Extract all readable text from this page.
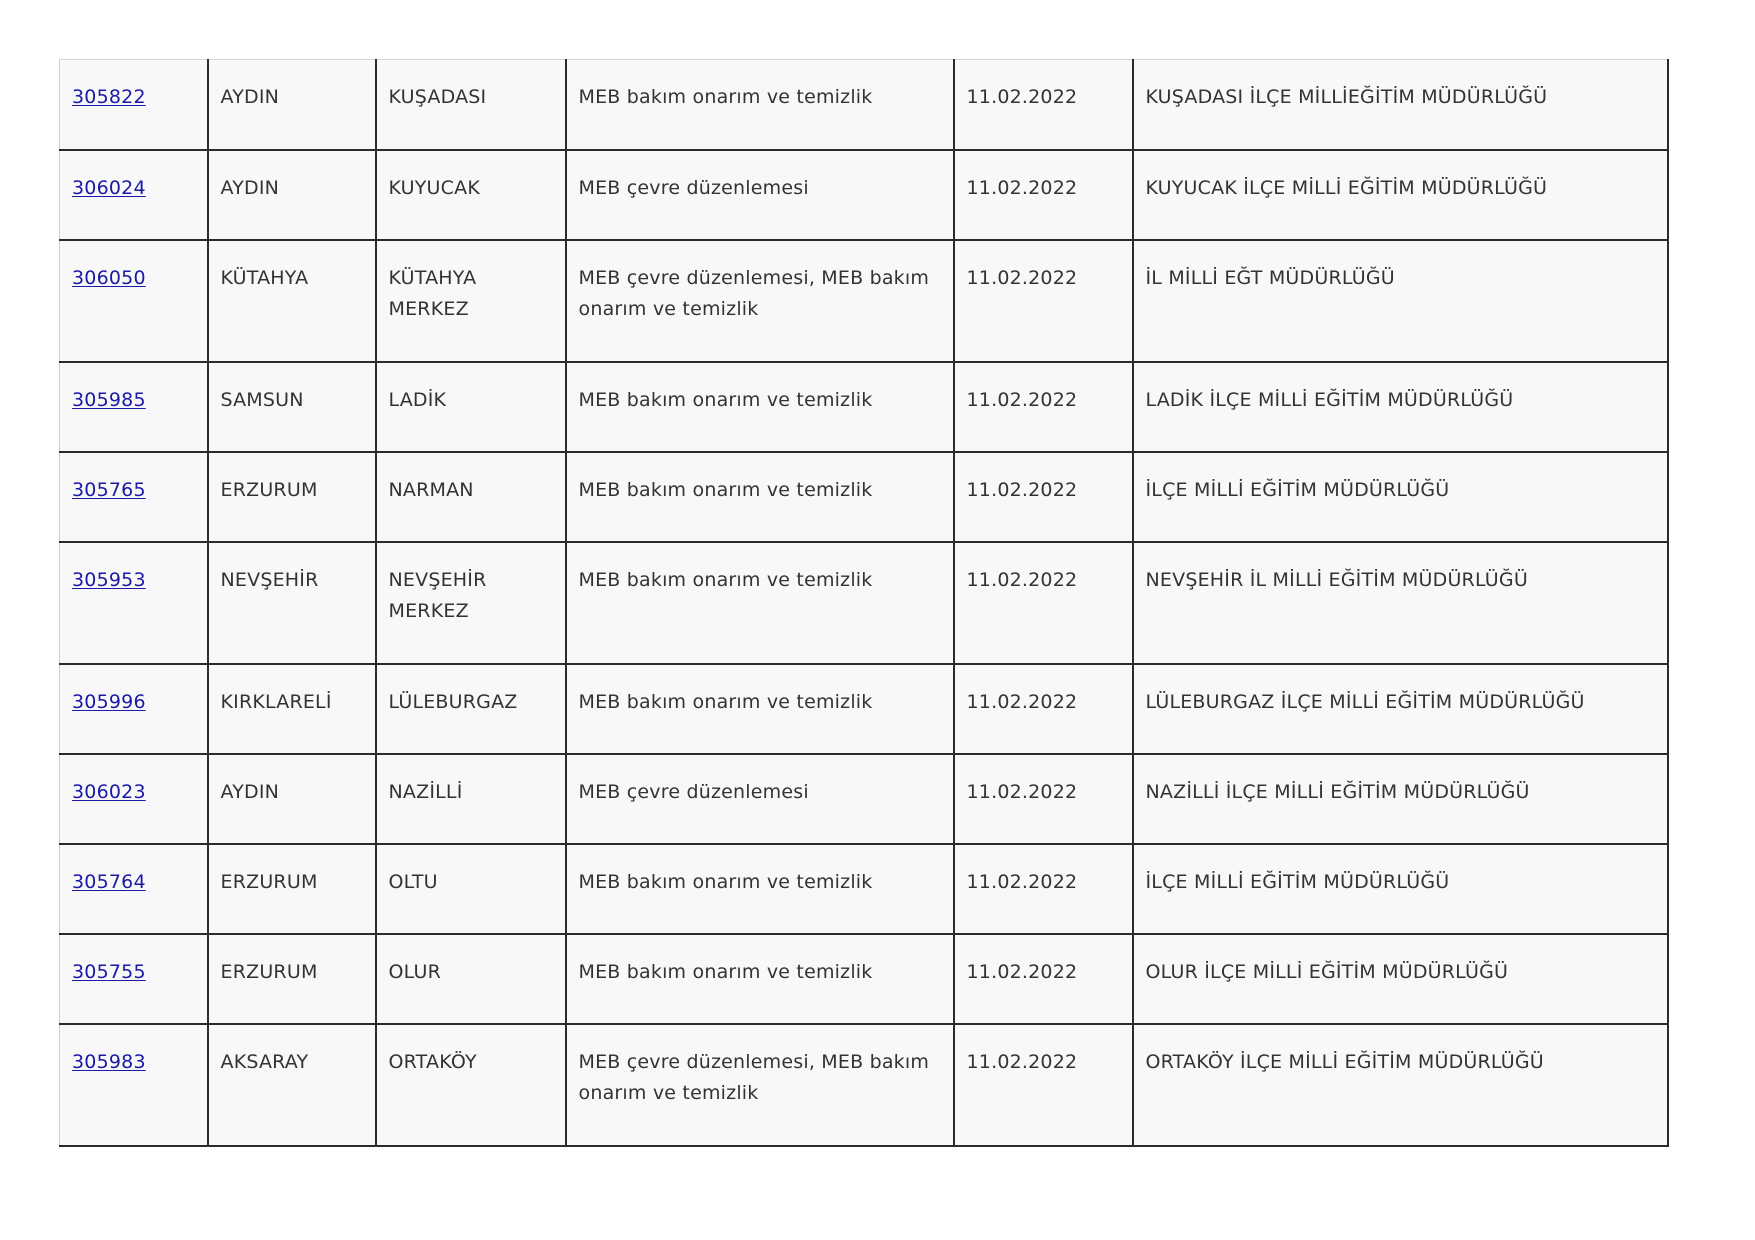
305822	AYDIN	KUŞADASI	MEB bakım onarım ve temizlik	11.02.2022	KUŞADASI İLÇE MİLLİEĞİTİM MÜDÜRLÜĞÜ
306024	AYDIN	KUYUCAK	MEB çevre düzenlemesi	11.02.2022	KUYUCAK İLÇE MİLLİ EĞİTİM MÜDÜRLÜĞÜ
306050	KÜTAHYA	KÜTAHYA MERKEZ	MEB çevre düzenlemesi, MEB bakım onarım ve temizlik	11.02.2022	İL MİLLİ EĞT MÜDÜRLÜĞÜ
305985	SAMSUN	LADİK	MEB bakım onarım ve temizlik	11.02.2022	LADİK İLÇE MİLLİ EĞİTİM MÜDÜRLÜĞÜ
305765	ERZURUM	NARMAN	MEB bakım onarım ve temizlik	11.02.2022	İLÇE MİLLİ EĞİTİM MÜDÜRLÜĞÜ
305953	NEVŞEHİR	NEVŞEHİR MERKEZ	MEB bakım onarım ve temizlik	11.02.2022	NEVŞEHİR İL MİLLİ EĞİTİM MÜDÜRLÜĞÜ
305996	KIRKLARELİ	LÜLEBURGAZ	MEB bakım onarım ve temizlik	11.02.2022	LÜLEBURGAZ İLÇE MİLLİ EĞİTİM MÜDÜRLÜĞÜ
306023	AYDIN	NAZİLLİ	MEB çevre düzenlemesi	11.02.2022	NAZİLLİ İLÇE MİLLİ EĞİTİM MÜDÜRLÜĞÜ
305764	ERZURUM	OLTU	MEB bakım onarım ve temizlik	11.02.2022	İLÇE MİLLİ EĞİTİM MÜDÜRLÜĞÜ
305755	ERZURUM	OLUR	MEB bakım onarım ve temizlik	11.02.2022	OLUR İLÇE MİLLİ EĞİTİM MÜDÜRLÜĞÜ
305983	AKSARAY	ORTAKÖY	MEB çevre düzenlemesi, MEB bakım onarım ve temizlik	11.02.2022	ORTAKÖY İLÇE MİLLİ EĞİTİM MÜDÜRLÜĞÜ
